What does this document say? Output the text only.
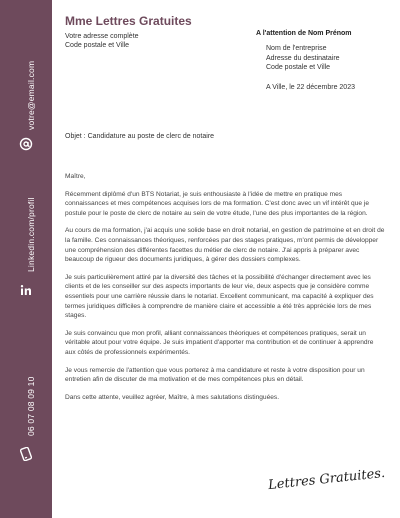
votre@email.com
Linkedin.com/profil
06 07 08 09 10
Mme Lettres Gratuites
Votre adresse complète
Code postale et Ville
A l'attention de Nom Prénom
Nom de l'entreprise
Adresse du destinataire
Code postale et Ville
A Ville, le 22 décembre 2023
Objet : Candidature au poste de clerc de notaire

Maître,

Récemment diplômé d'un BTS Notariat, je suis enthousiaste à l'idée de mettre en pratique mes connaissances et mes compétences acquises lors de ma formation. C'est donc avec un vif intérêt que je postule pour le poste de clerc de notaire au sein de votre étude, l'une des plus importantes de la région.

Au cours de ma formation, j'ai acquis une solide base en droit notarial, en gestion de patrimoine et en droit de la famille. Ces connaissances théoriques, renforcées par des stages pratiques, m'ont permis de développer une compréhension des différentes facettes du métier de clerc de notaire. J'ai appris à préparer avec beaucoup de rigueur des documents juridiques, à gérer des dossiers complexes.

Je suis particulièrement attiré par la diversité des tâches et la possibilité d'échanger directement avec les clients et de les conseiller sur des aspects importants de leur vie, deux aspects que je considère comme essentiels pour une carrière réussie dans le notariat. Excellent communicant, ma capacité à expliquer des termes juridiques difficiles à comprendre de manière claire et accessible a été très appréciée lors de mes stages.

Je suis convaincu que mon profil, alliant connaissances théoriques et compétences pratiques, serait un véritable atout pour votre équipe. Je suis impatient d'apporter ma contribution et de continuer à apprendre aux côtés de professionnels expérimentés.

Je vous remercie de l'attention que vous porterez à ma candidature et reste à votre disposition pour un entretien afin de discuter de ma motivation et de mes compétences plus en détail.

Dans cette attente, veuillez agréer, Maître, à mes salutations distinguées.

Lettres Gratuites.
